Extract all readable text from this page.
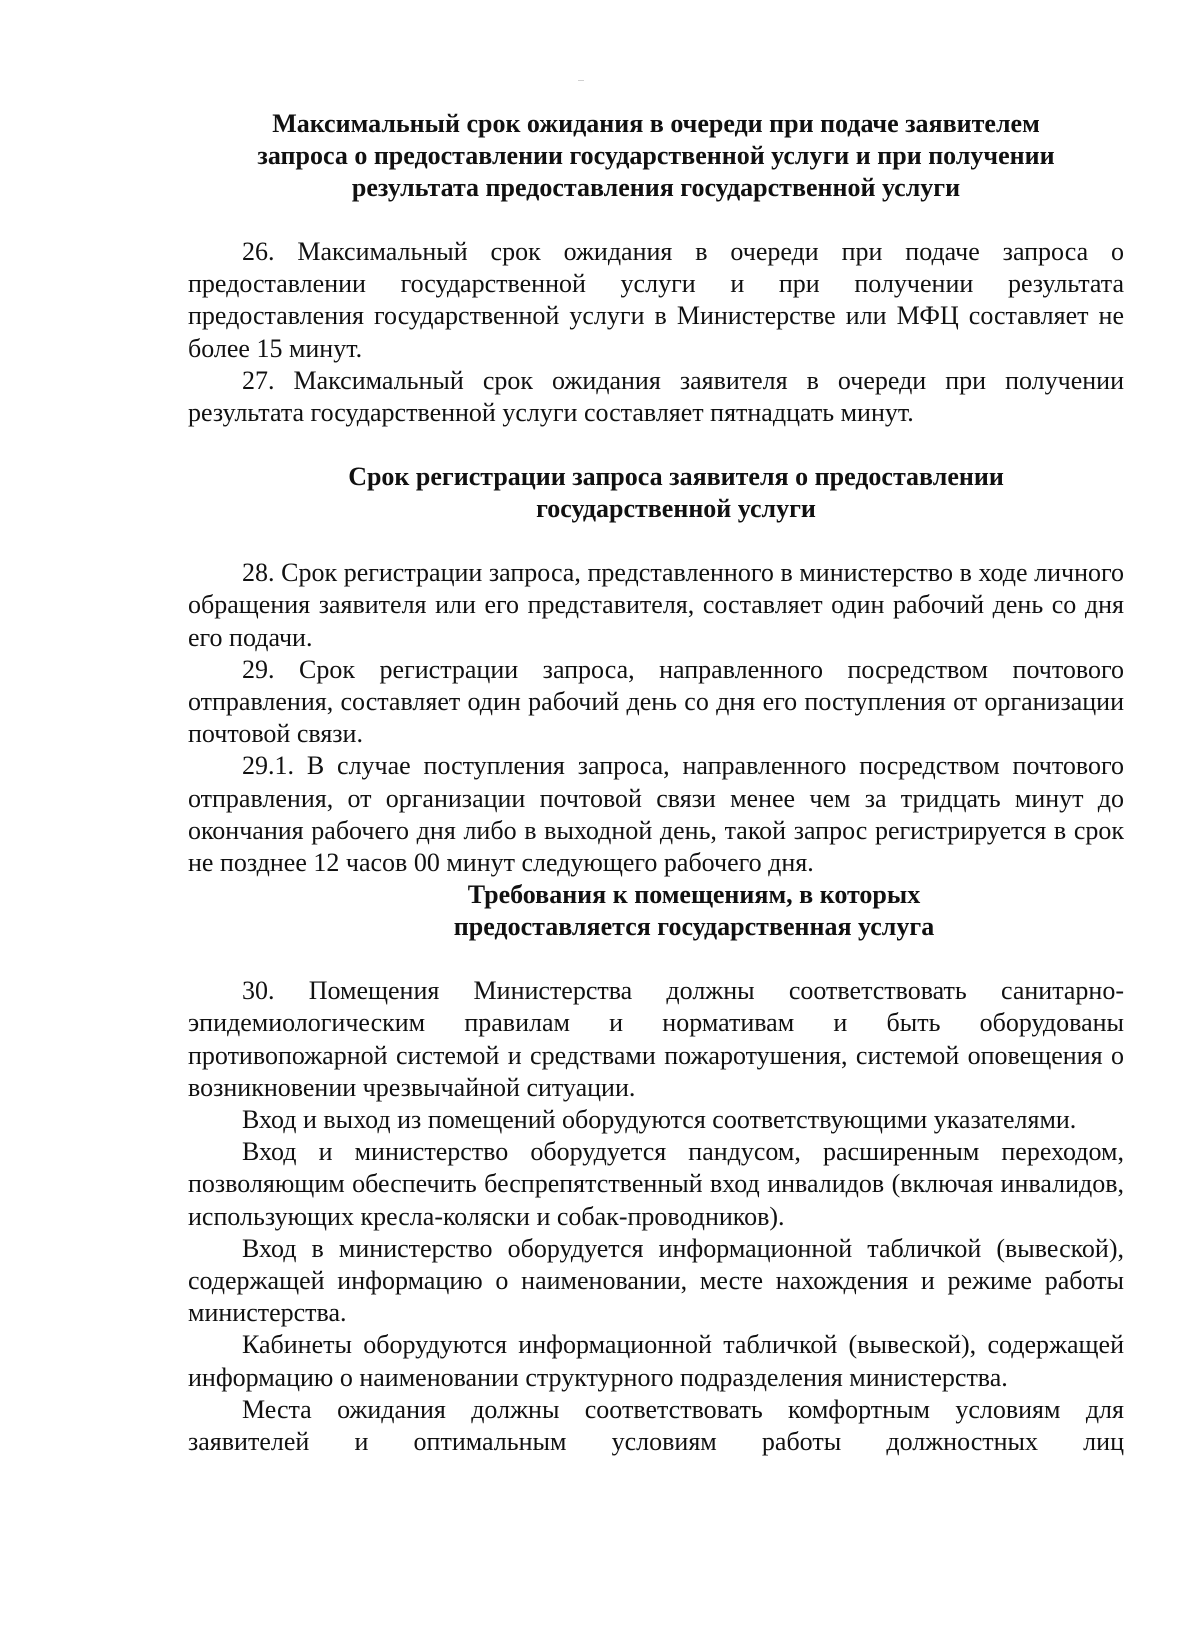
Максимальный срок ожидания в очереди при подаче заявителем
запроса о предоставлении государственной услуги и при получении
результата предоставления государственной услуги

26. Максимальный срок ожидания в очереди при подаче запроса о предоставлении государственной услуги и при получении результата предоставления государственной услуги в Министерстве или МФЦ составляет не более 15 минут.

27. Максимальный срок ожидания заявителя в очереди при получении результата государственной услуги составляет пятнадцать минут.

Срок регистрации запроса заявителя о предоставлении
государственной услуги

28. Срок регистрации запроса, представленного в министерство в ходе личного обращения заявителя или его представителя, составляет один рабочий день со дня его подачи.

29. Срок регистрации запроса, направленного посредством почтового отправления, составляет один рабочий день со дня его поступления от организации почтовой связи.

29.1. В случае поступления запроса, направленного посредством почтового отправления, от организации почтовой связи менее чем за тридцать минут до окончания рабочего дня либо в выходной день, такой запрос регистрируется в срок не позднее 12 часов 00 минут следующего рабочего дня.

Требования к помещениям, в которых
предоставляется государственная услуга

30. Помещения Министерства должны соответствовать санитарно-эпидемиологическим правилам и нормативам и быть оборудованы противопожарной системой и средствами пожаротушения, системой оповещения о возникновении чрезвычайной ситуации.

Вход и выход из помещений оборудуются соответствующими указателями.

Вход и министерство оборудуется пандусом, расширенным переходом, позволяющим обеспечить беспрепятственный вход инвалидов (включая инвалидов, использующих кресла-коляски и собак-проводников).

Вход в министерство оборудуется информационной табличкой (вывеской), содержащей информацию о наименовании, месте нахождения и режиме работы министерства.

Кабинеты оборудуются информационной табличкой (вывеской), содержащей информацию о наименовании структурного подразделения министерства.

Места ожидания должны соответствовать комфортным условиям для заявителей и оптимальным условиям работы должностных лиц
